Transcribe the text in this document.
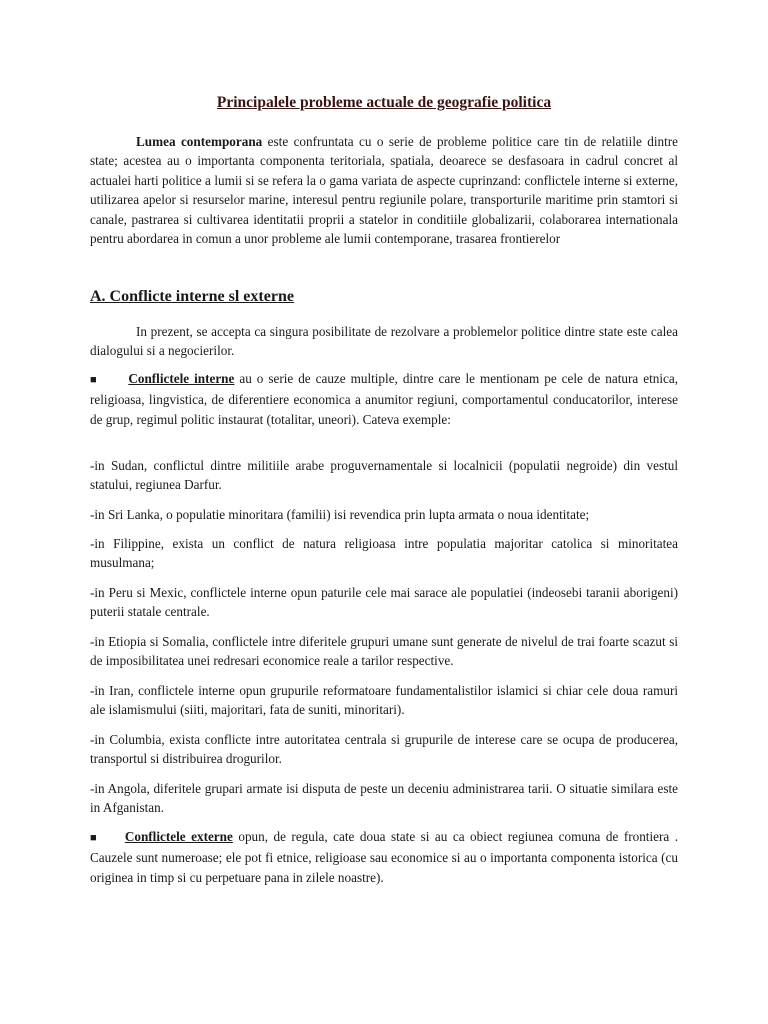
Principalele probleme actuale de geografie politica

Lumea contemporana este confruntata cu o serie de probleme politice care tin de relatiile dintre state; acestea au o importanta componenta teritoriala, spatiala, deoarece se desfasoara in cadrul concret al actualei harti politice a lumii si se refera la o gama variata de aspecte cuprinzand: conflictele interne si externe, utilizarea apelor si resurselor marine, interesul pentru regiunile polare, transporturile maritime prin stamtori si canale, pastrarea si cultivarea identitatii proprii a statelor in conditiile globalizarii, colaborarea internationala pentru abordarea in comun a unor probleme ale lumii contemporane, trasarea frontierelor

A. Conflicte interne sl externe

In prezent, se accepta ca singura posibilitate de rezolvare a problemelor politice dintre state este calea dialogului si a negocierilor.

■ Conflictele interne au o serie de cauze multiple, dintre care le mentionam pe cele de natura etnica, religioasa, lingvistica, de diferentiere economica a anumitor regiuni, comportamentul conducatorilor, interese de grup, regimul politic instaurat (totalitar, uneori). Cateva exemple:

-in Sudan, conflictul dintre militiile arabe proguvernamentale si localnicii (populatii negroide) din vestul statului, regiunea Darfur.

-in Sri Lanka, o populatie minoritara (familii) isi revendica prin lupta armata o noua identitate;

-in Filippine, exista un conflict de natura religioasa intre populatia majoritar catolica si minoritatea musulmana;

-in Peru si Mexic, conflictele interne opun paturile cele mai sarace ale populatiei (indeosebi taranii aborigeni) puterii statale centrale.

-in Etiopia si Somalia, conflictele intre diferitele grupuri umane sunt generate de nivelul de trai foarte scazut si de imposibilitatea unei redresari economice reale a tarilor respective.

-in Iran, conflictele interne opun grupurile reformatoare fundamentalistilor islamici si chiar cele doua ramuri ale islamismului (siiti, majoritari, fata de suniti, minoritari).

-in Columbia, exista conflicte intre autoritatea centrala si grupurile de interese care se ocupa de producerea, transportul si distribuirea drogurilor.

-in Angola, diferitele grupari armate isi disputa de peste un deceniu administrarea tarii. O situatie similara este in Afganistan.

■ Conflictele externe opun, de regula, cate doua state si au ca obiect regiunea comuna de frontiera . Cauzele sunt numeroase; ele pot fi etnice, religioase sau economice si au o importanta componenta istorica (cu originea in timp si cu perpetuare pana in zilele noastre).
